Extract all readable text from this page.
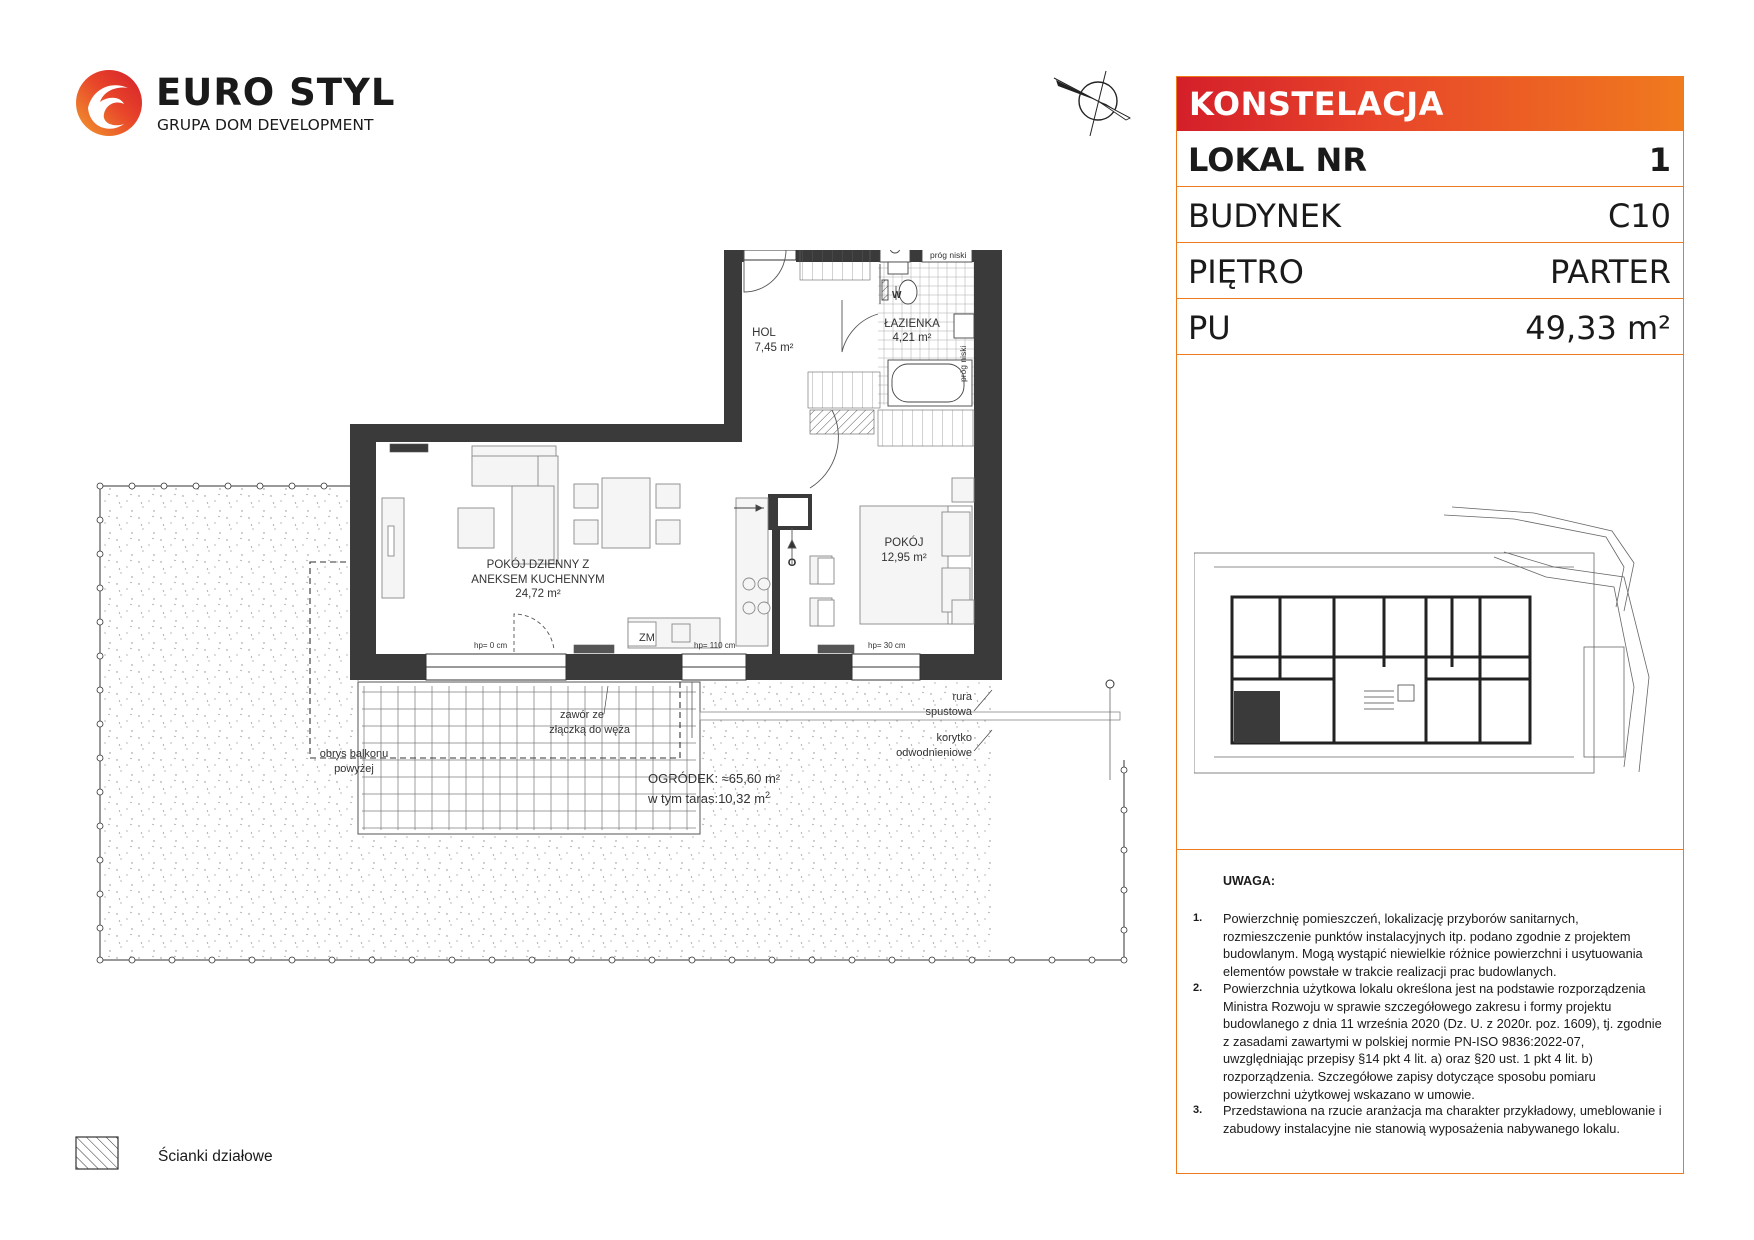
EURO STYL
GRUPA DOM DEVELOPMENT
KONSTELACJA
LOKAL NR	1
BUDYNEK	C10
PIĘTRO	PARTER
PU	49,33 m²
UWAGA:
1. Powierzchnię pomieszczeń, lokalizację przyborów sanitarnych, rozmieszczenie punktów instalacyjnych itp. podano zgodnie z projektem budowlanym. Mogą wystąpić niewielkie różnice powierzchni i usytuowania elementów powstałe w trakcie realizacji prac budowlanych.
2. Powierzchnia użytkowa lokalu określona jest na podstawie rozporządzenia Ministra Rozwoju w sprawie szczegółowego zakresu i formy projektu budowlanego z dnia 11 września 2020 (Dz. U. z 2020r. poz. 1609), tj. zgodnie z zasadami zawartymi w polskiej normie PN-ISO 9836:2022-07, uwzględniając przepisy §14 pkt 4 lit. a) oraz §20 ust. 1 pkt 4 lit. b) rozporządzenia. Szczegółowe zapisy dotyczące sposobu pomiaru powierzchni użytkowej wskazano w umowie.
3. Przedstawiona na rzucie aranżacja ma charakter przykładowy, umeblowanie i zabudowy instalacyjne nie stanowią wyposażenia nabywanego lokalu.
HOL
7,45 m²
ŁAZIENKA
4,21 m²
POKÓJ
12,95 m²
POKÓJ DZIENNY Z
ANEKSEM KUCHENNYM
24,72 m²
próg niski
próg niski
ZM
hp= 0 cm	hp= 110 cm	hp= 30 cm
O
W
zawór ze
złączką do węża
obrys balkonu
powyżej
rura
spustowa
korytko
odwodnieniowe
OGRÓDEK: ≈65,60 m²
w tym taras:10,32 $m^2$
Ścianki działowe
